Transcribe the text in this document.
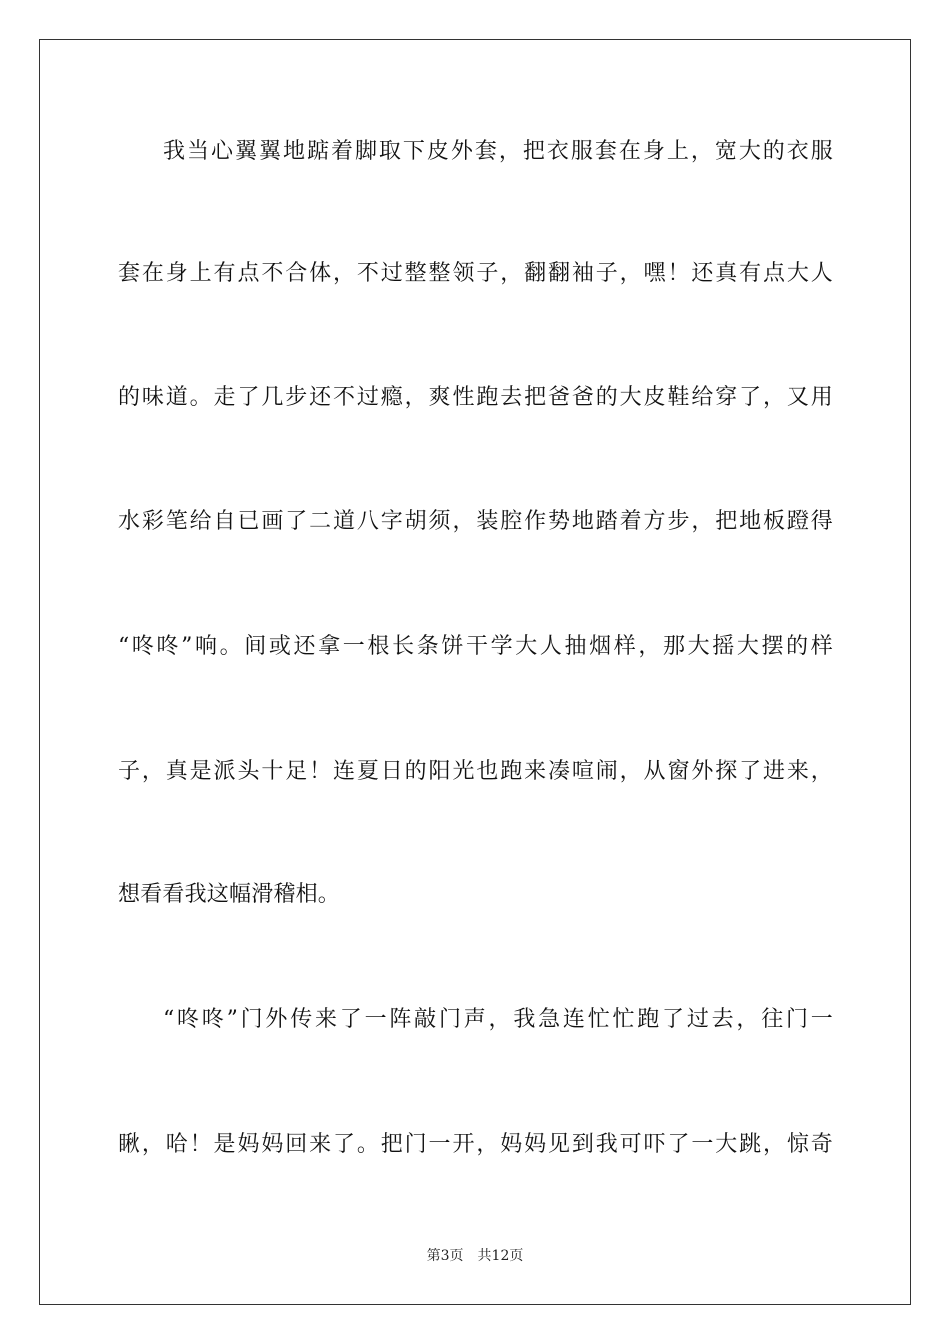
我当心翼翼地踮着脚取下皮外套，把衣服套在身上，宽大的衣服
套在身上有点不合体，不过整整领子，翻翻袖子，嘿！还真有点大人
的味道。走了几步还不过瘾，爽性跑去把爸爸的大皮鞋给穿了，又用
水彩笔给自已画了二道八字胡须，装腔作势地踏着方步，把地板蹬得
“咚咚”响。间或还拿一根长条饼干学大人抽烟样，那大摇大摆的样
子，真是派头十足！连夏日的阳光也跑来凑喧闹，从窗外探了进来，
想看看我这幅滑稽相。
“咚咚”门外传来了一阵敲门声，我急连忙忙跑了过去，往门一
瞅，哈！是妈妈回来了。把门一开，妈妈见到我可吓了一大跳，惊奇
第3页 共12页
